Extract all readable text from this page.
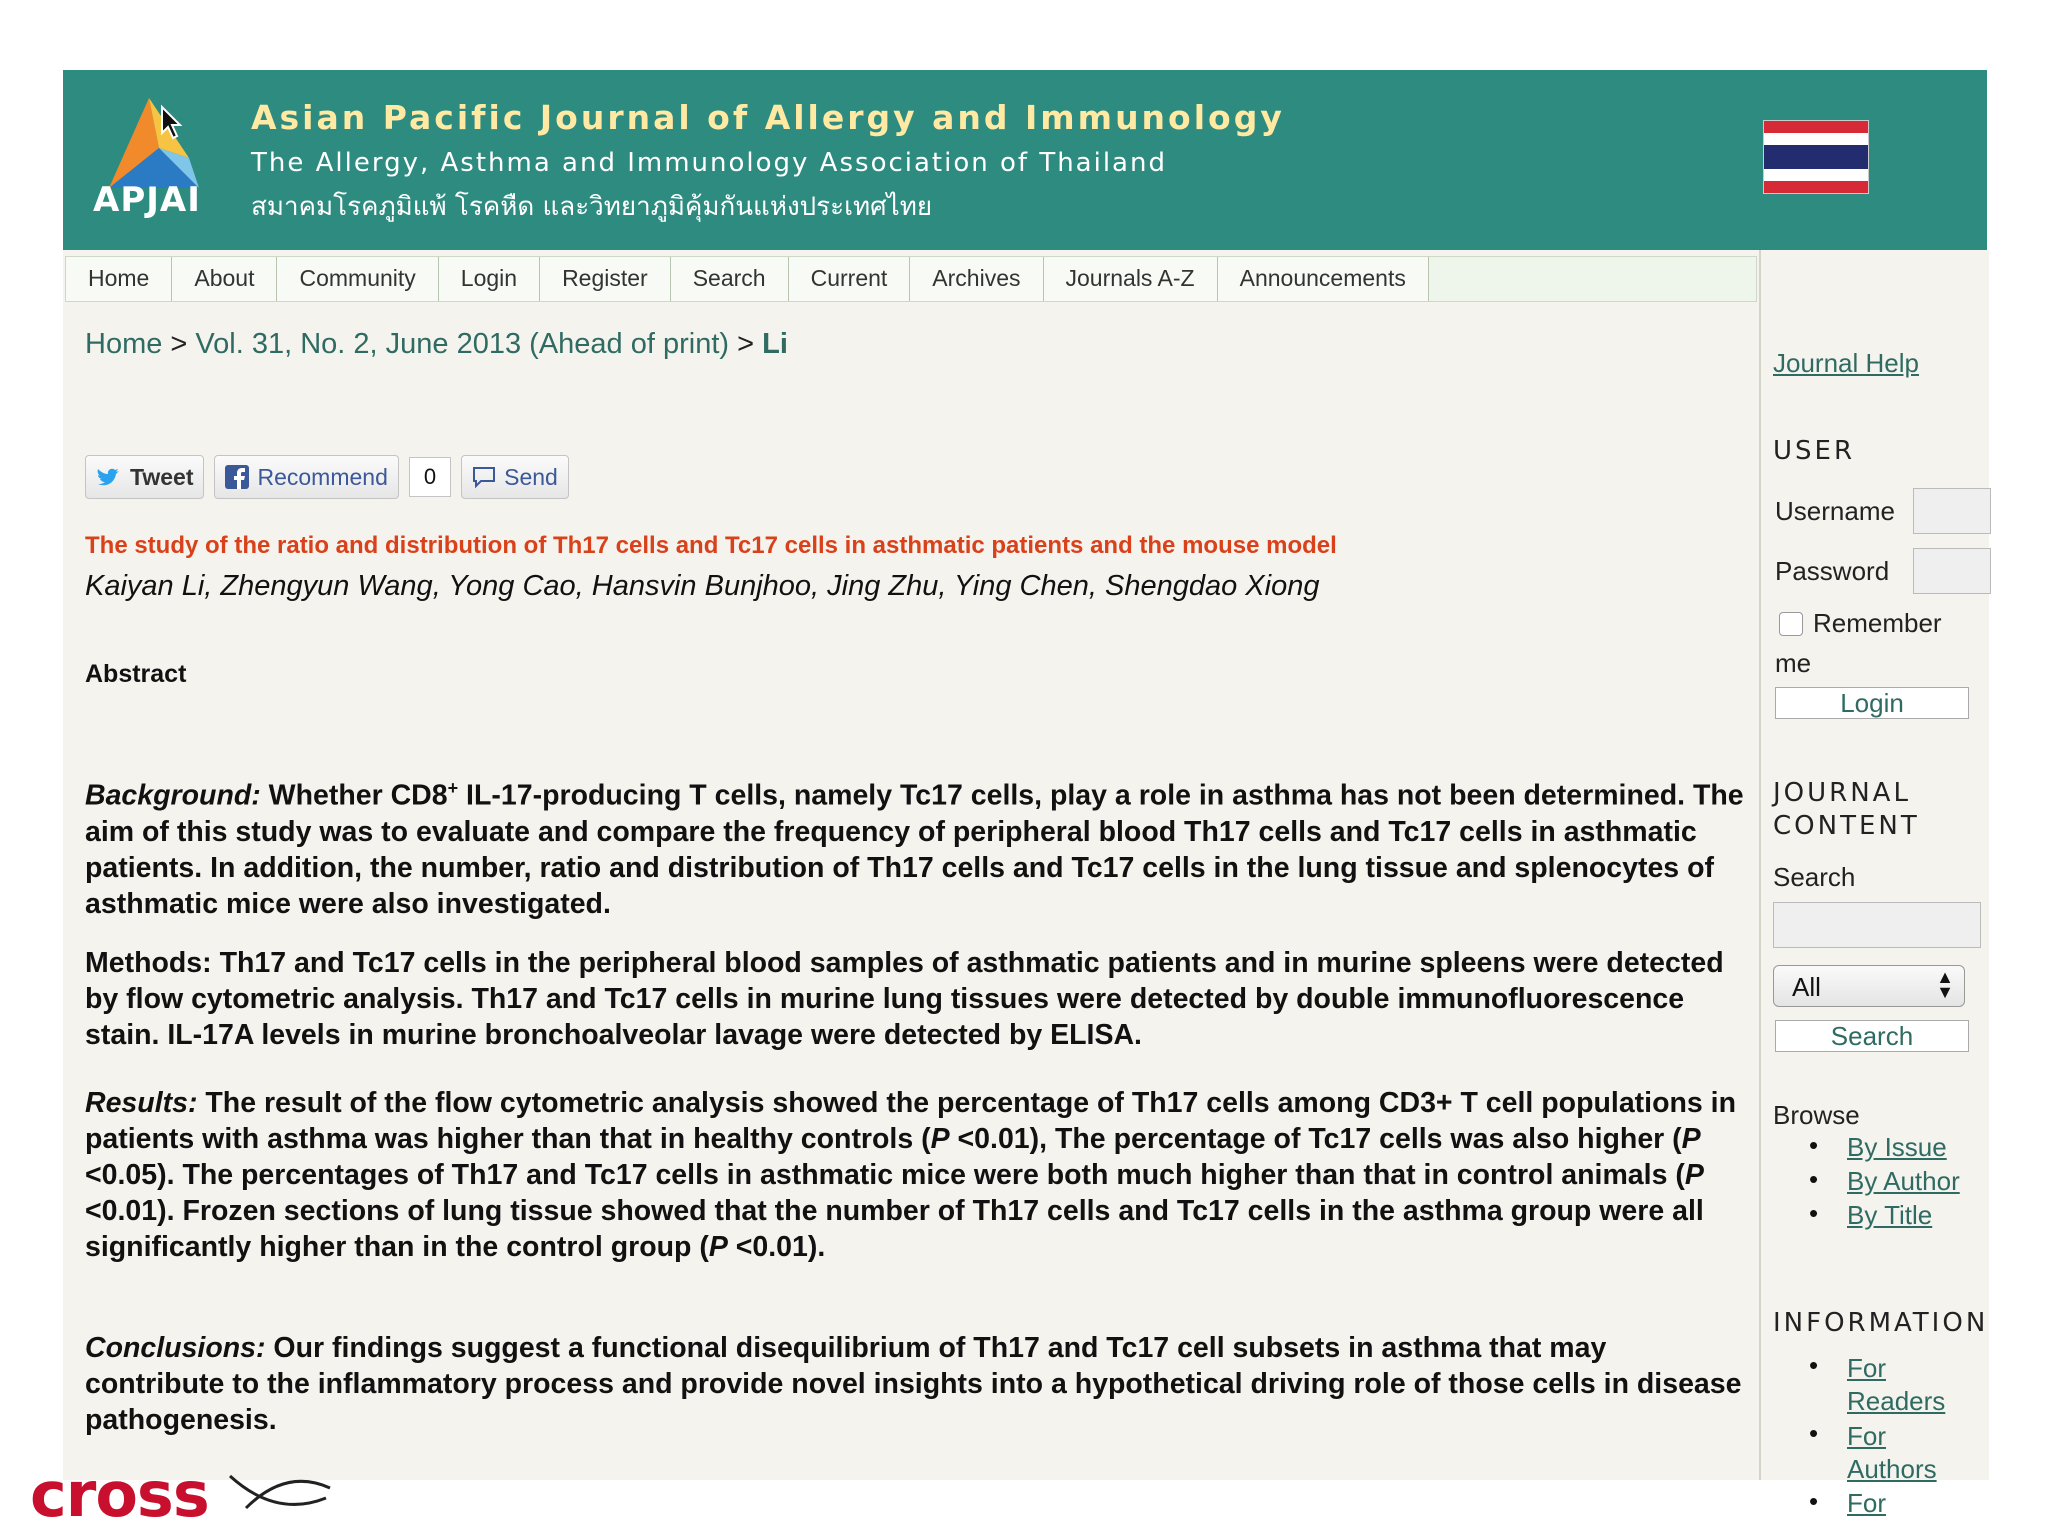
APJAI
Asian Pacific Journal of Allergy and Immunology
The Allergy, Asthma and Immunology Association of Thailand
สมาคมโรคภูมิแพ้ โรคหืด และวิทยาภูมิคุ้มกันแห่งประเทศไทย
Home	About	Community	Login	Register	Search	Current	Archives	Journals A-Z	Announcements
Home > Vol. 31, No. 2, June 2013 (Ahead of print) > Li
Tweet	Recommend	0	Send
The study of the ratio and distribution of Th17 cells and Tc17 cells in asthmatic patients and the mouse model
Kaiyan Li, Zhengyun Wang, Yong Cao, Hansvin Bunjhoo, Jing Zhu, Ying Chen, Shengdao Xiong
Abstract
Background: Whether CD8+ IL-17-producing T cells, namely Tc17 cells, play a role in asthma has not been determined. The aim of this study was to evaluate and compare the frequency of peripheral blood Th17 cells and Tc17 cells in asthmatic patients. In addition, the number, ratio and distribution of Th17 cells and Tc17 cells in the lung tissue and splenocytes of asthmatic mice were also investigated.
Methods: Th17 and Tc17 cells in the peripheral blood samples of asthmatic patients and in murine spleens were detected by flow cytometric analysis. Th17 and Tc17 cells in murine lung tissues were detected by double immunofluorescence stain. IL-17A levels in murine bronchoalveolar lavage were detected by ELISA.
Results: The result of the flow cytometric analysis showed the percentage of Th17 cells among CD3+ T cell populations in patients with asthma was higher than that in healthy controls (P <0.01), The percentage of Tc17 cells was also higher (P <0.05). The percentages of Th17 and Tc17 cells in asthmatic mice were both much higher than that in control animals (P <0.01). Frozen sections of lung tissue showed that the number of Th17 cells and Tc17 cells in the asthma group were all significantly higher than in the control group (P <0.01).
Conclusions: Our findings suggest a functional disequilibrium of Th17 and Tc17 cell subsets in asthma that may contribute to the inflammatory process and provide novel insights into a hypothetical driving role of those cells in disease pathogenesis.
Journal Help
USER
Username
Password
Remember
me
Login
JOURNAL
CONTENT
Search
All	▲
▼
Search
Browse
• By Issue
• By Author
• By Title
INFORMATION
• For
Readers
• For
Authors
• For
cross
